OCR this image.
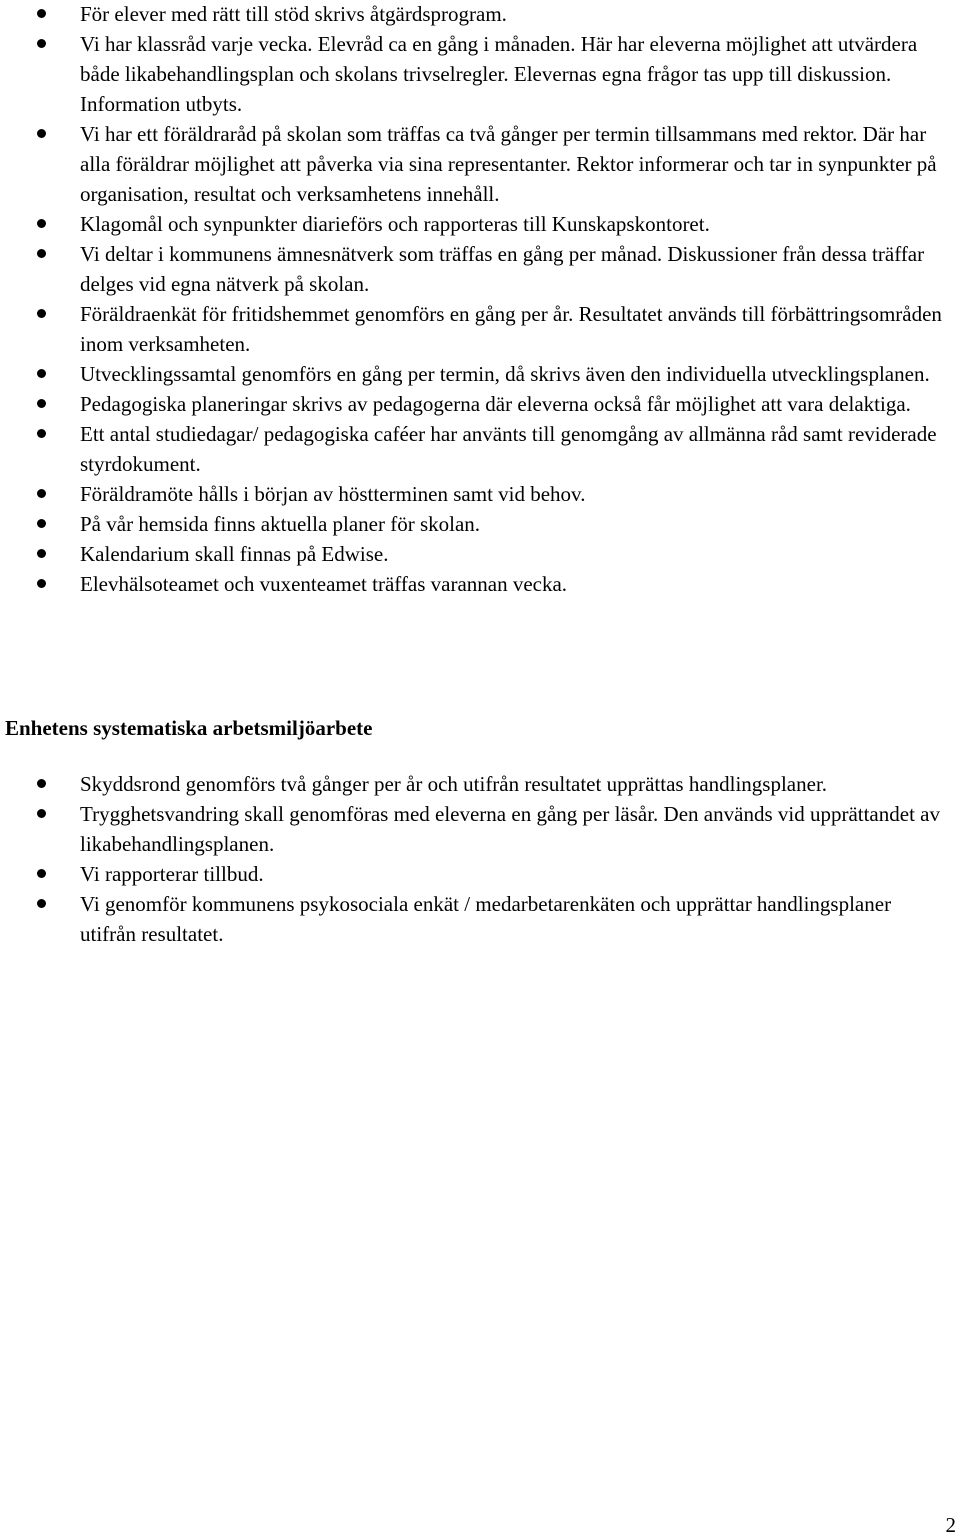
För elever med rätt till stöd skrivs åtgärdsprogram.
Vi har klassråd varje vecka. Elevråd ca en gång i månaden. Här har eleverna möjlighet att utvärdera både likabehandlingsplan och skolans trivselregler. Elevernas egna frågor tas upp till diskussion. Information utbyts.
Vi har ett föräldraråd på skolan som träffas ca två gånger per termin tillsammans med rektor. Där har alla föräldrar möjlighet att påverka via sina representanter. Rektor informerar och tar in synpunkter på organisation, resultat och verksamhetens innehåll.
Klagomål och synpunkter diarieförs och rapporteras till Kunskapskontoret.
Vi deltar i kommunens ämnesnätverk som träffas en gång per månad. Diskussioner från dessa träffar delges vid egna nätverk på skolan.
Föräldraenkät för fritidshemmet genomförs en gång per år. Resultatet används till förbättringsområden inom verksamheten.
Utvecklingssamtal genomförs en gång per termin, då skrivs även den individuella utvecklingsplanen.
Pedagogiska planeringar skrivs av pedagogerna där eleverna också får möjlighet att vara delaktiga.
Ett antal studiedagar/ pedagogiska caféer har använts till genomgång av allmänna råd samt reviderade styrdokument.
Föräldramöte hålls i början av höstterminen samt vid behov.
På vår hemsida finns aktuella planer för skolan.
Kalendarium skall finnas på Edwise.
Elevhälsoteamet och vuxenteamet träffas varannan vecka.
Enhetens systematiska arbetsmiljöarbete
Skyddsrond genomförs två gånger per år och utifrån resultatet upprättas handlingsplaner.
Trygghetsvandring skall genomföras med eleverna en gång per läsår. Den används vid upprättandet av likabehandlingsplanen.
Vi rapporterar tillbud.
Vi genomför kommunens psykosociala enkät / medarbetarenkäten och upprättar handlingsplaner utifrån resultatet.
2
